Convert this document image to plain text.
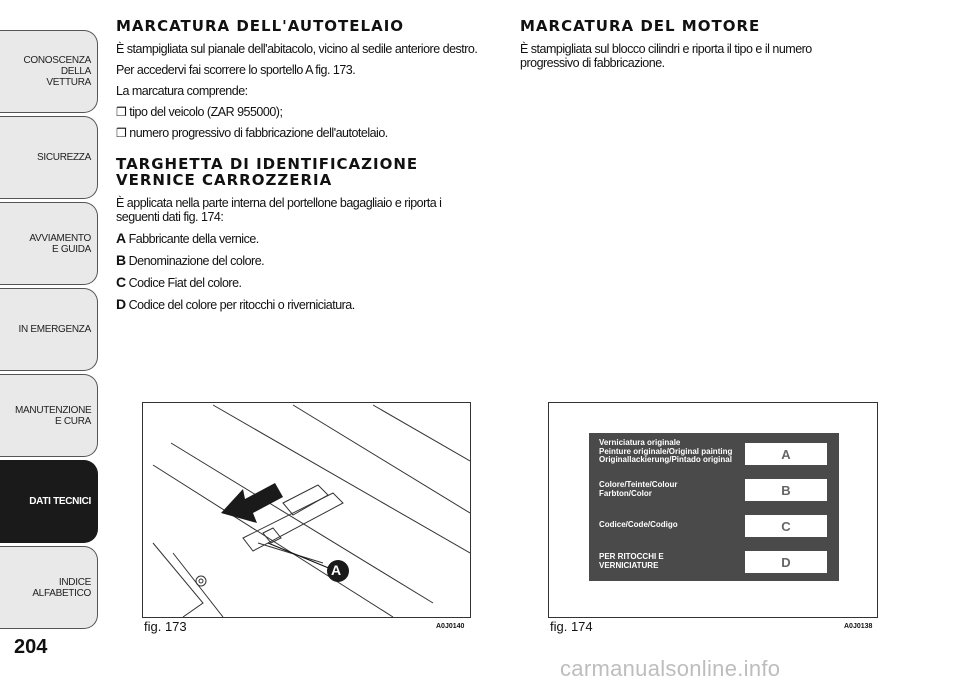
CONOSCENZA DELLA VETTURA
SICUREZZA
AVVIAMENTO E GUIDA
IN EMERGENZA
MANUTENZIONE E CURA
DATI TECNICI
INDICE ALFABETICO
204
MARCATURA DELL'AUTOTELAIO

È stampigliata sul pianale dell'abitacolo, vicino al sedile anteriore destro.

Per accedervi fai scorrere lo sportello A fig. 173.

La marcatura comprende:

❒ tipo del veicolo (ZAR 955000);

❒ numero progressivo di fabbricazione dell'autotelaio.

TARGHETTA DI IDENTIFICAZIONE VERNICE CARROZZERIA

È applicata nella parte interna del portellone bagagliaio e riporta i seguenti dati fig. 174:

A Fabbricante della vernice.

B Denominazione del colore.

C Codice Fiat del colore.

D Codice del colore per ritocchi o riverniciatura.

MARCATURA DEL MOTORE

È stampigliata sul blocco cilindri e riporta il tipo e il numero progressivo di fabbricazione.

A
fig. 173	A0J0140
Verniciatura originale
Peinture originale/Original painting
Originallackierung/Pintado original	A
Colore/Teinte/Colour
Farbton/Color	B
Codice/Code/Codigo	C
PER RITOCCHI E
VERNICIATURE	D
fig. 174	A0J0138
carmanualsonline.info
